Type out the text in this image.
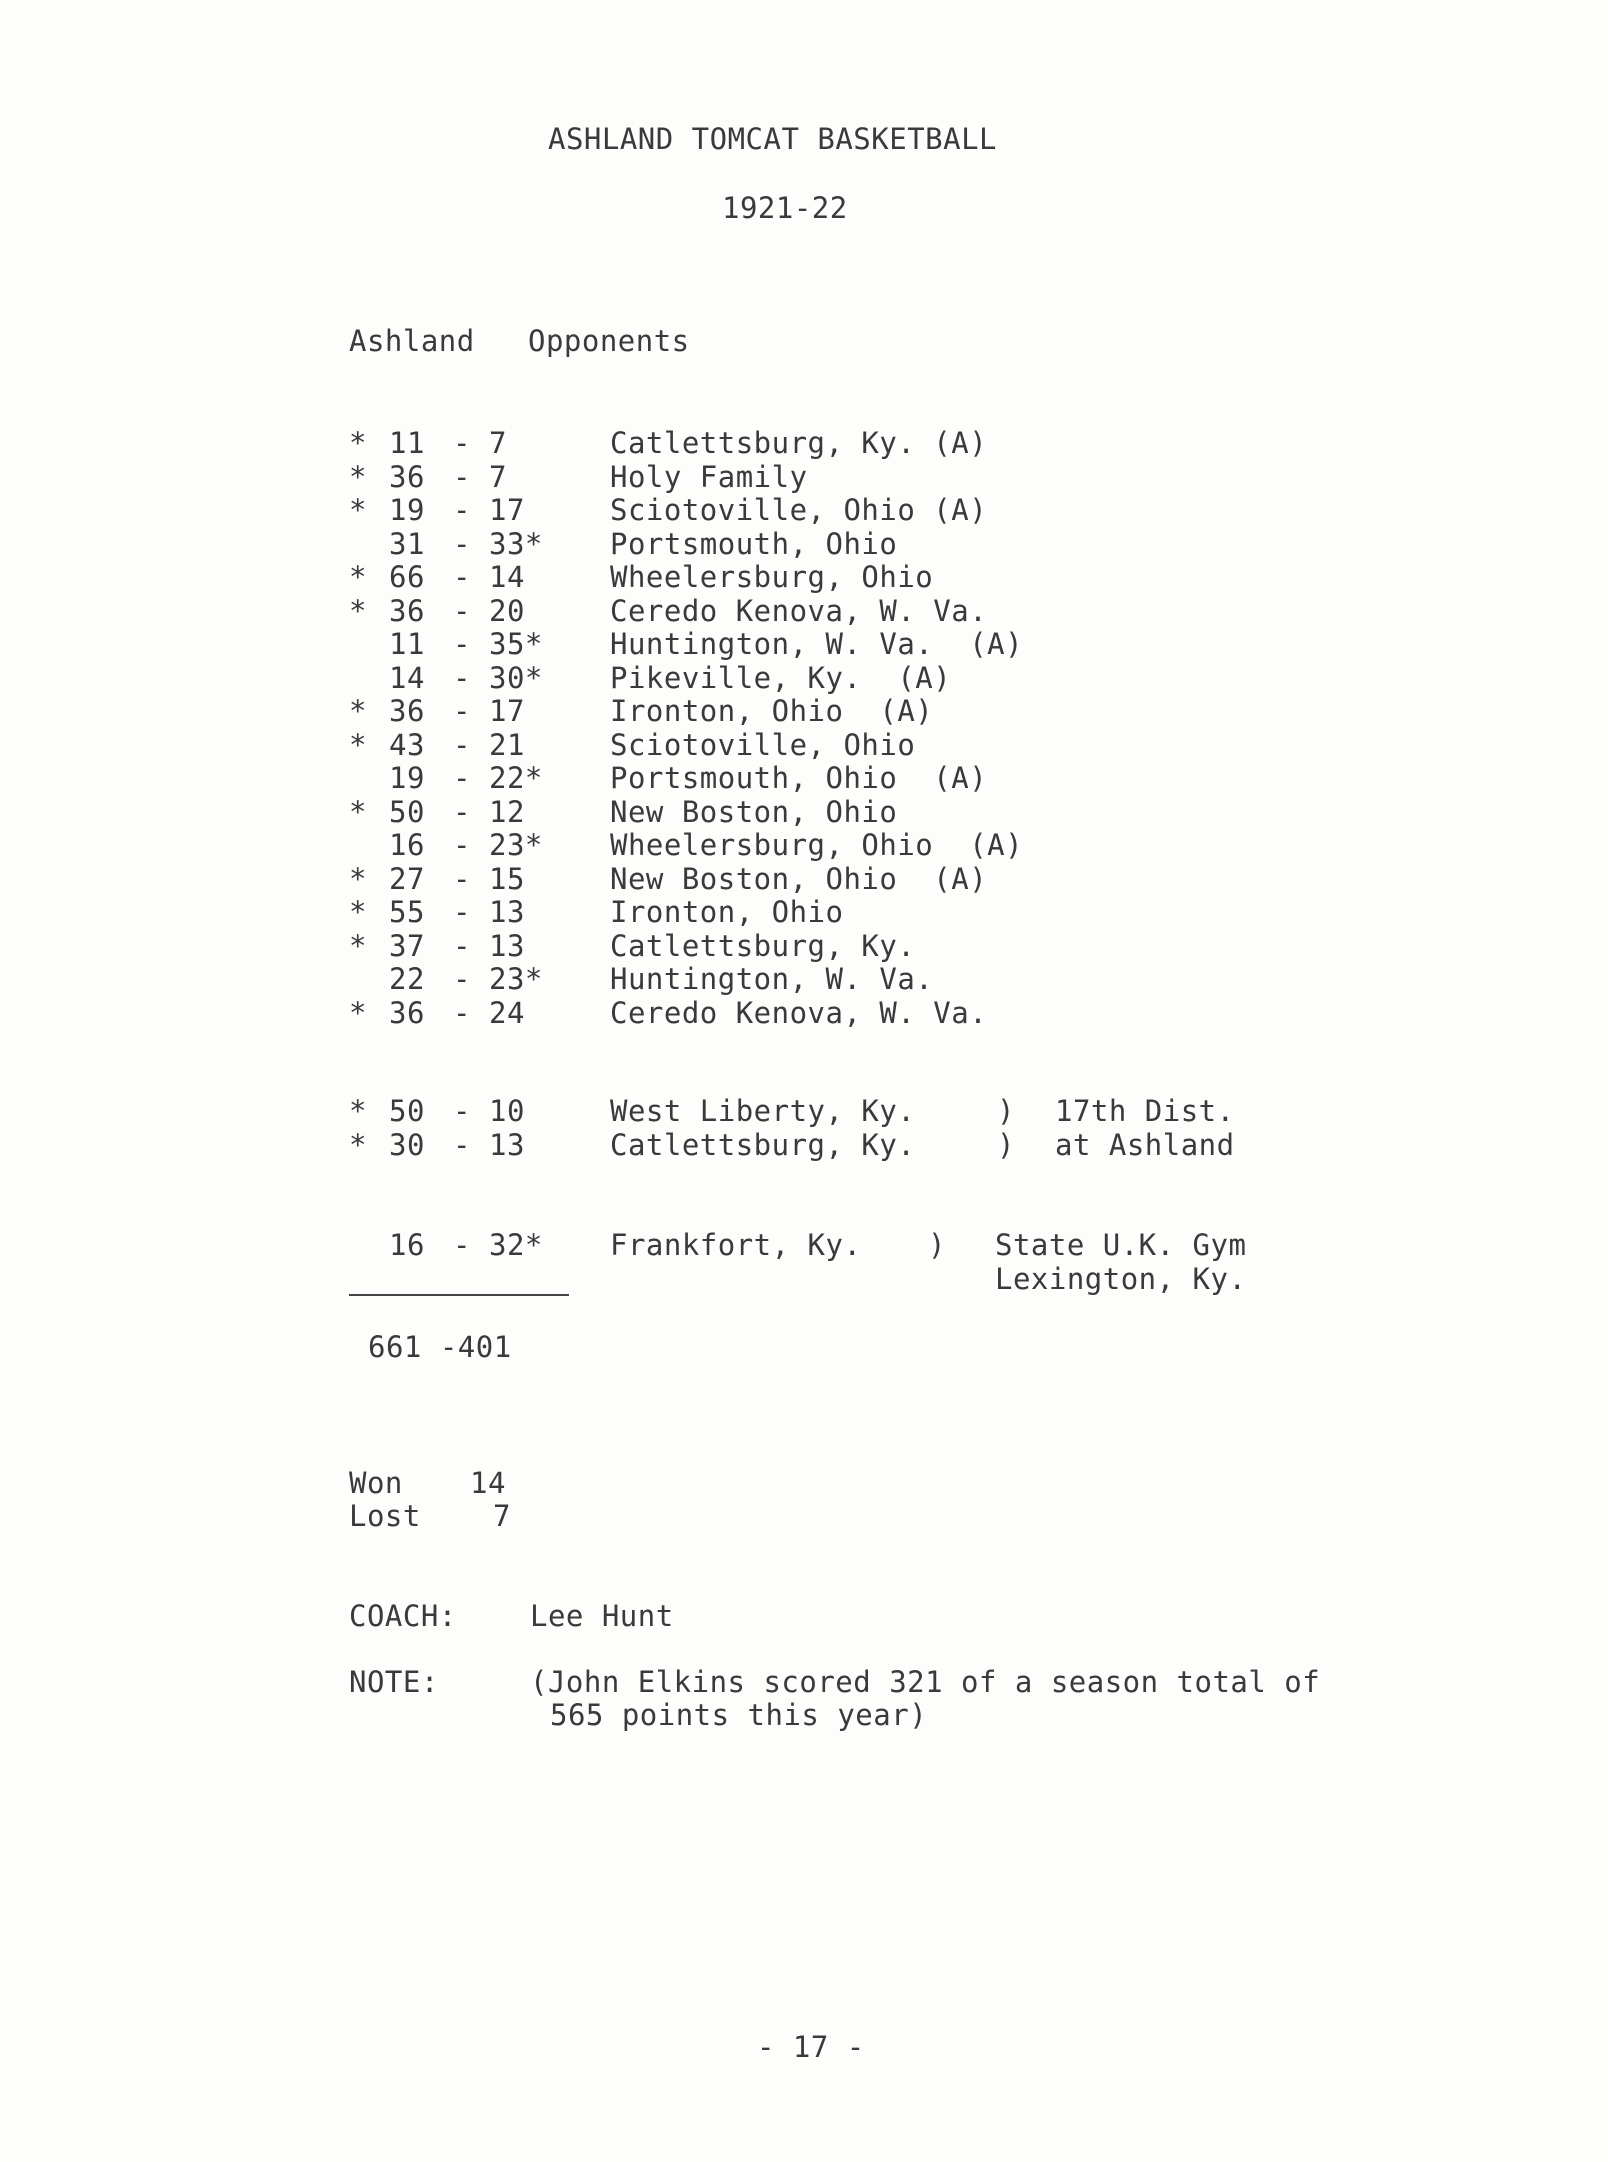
ASHLAND TOMCAT BASKETBALL
1921-22
Ashland Opponents
* 11 - 7	Catlettsburg, Ky. (A)
* 36 - 7	Holy Family
* 19 - 17	Sciotoville, Ohio (A)
31 - 33* Portsmouth, Ohio
* 66 - 14	Wheelersburg, Ohio
* 36 - 20	Ceredo Kenova, W. Va.
11 - 35* Huntington, W. Va.  (A)
14 - 30* Pikeville, Ky.  (A)
* 36 - 17	Ironton, Ohio  (A)
* 43 - 21	Sciotoville, Ohio
19 - 22* Portsmouth, Ohio  (A)
* 50 - 12	New Boston, Ohio
16 - 23* Wheelersburg, Ohio  (A)
* 27 - 15	New Boston, Ohio  (A)
* 55 - 13	Ironton, Ohio
* 37 - 13	Catlettsburg, Ky.
22 - 23* Huntington, W. Va.
* 36 - 24	Ceredo Kenova, W. Va.
* 50 - 10	West Liberty, Ky.	) 17th Dist.
* 30 - 13	Catlettsburg, Ky.	) at Ashland
16 - 32* Frankfort, Ky. ) State U.K. Gym
Lexington, Ky.
661 -401
Won 14
Lost 7
COACH:	Lee Hunt
NOTE:	(John Elkins scored 321 of a season total of
565 points this year)
- 17 -
